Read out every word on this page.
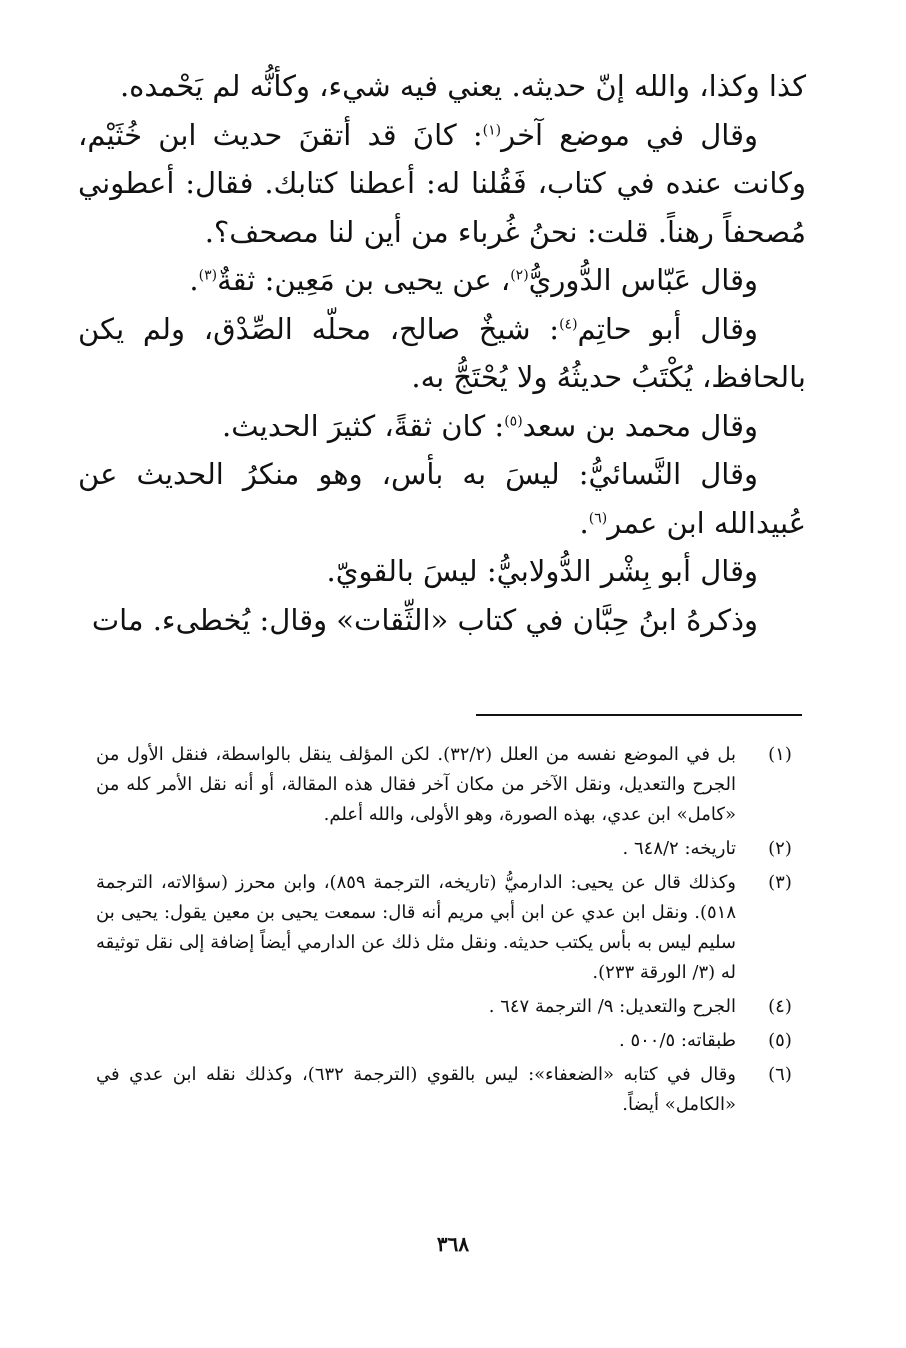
كذا وكذا، والله إنّ حديثه. يعني فيه شيء، وكأنُّه لم يَحْمده.

وقال في موضع آخر$^{(١)}$: كانَ قد أتقنَ حديث ابن خُثَيْم، وكانت عنده في كتاب، فَقُلنا له: أعطنا كتابك. فقال: أعطوني مُصحفاً رهناً. قلت: نحنُ غُرباء من أين لنا مصحف؟.

وقال عَبّاس الدُّوريُّ$^{(٢)}$، عن يحيى بن مَعِين: ثقةٌ$^{(٣)}$.

وقال أبو حاتِم$^{(٤)}$: شيخٌ صالح، محلّه الصِّدْق، ولم يكن بالحافظ، يُكْتَبُ حديثُهُ ولا يُحْتَجُّ به.

وقال محمد بن سعد$^{(٥)}$: كان ثقةً، كثيرَ الحديث.

وقال النَّسائيُّ: ليسَ به بأس، وهو منكرُ الحديث عن عُبيدالله ابن عمر$^{(٦)}$.

وقال أبو بِشْر الدُّولابيُّ: ليسَ بالقويّ.

وذكرهُ ابنُ حِبَّان في كتاب «الثِّقات» وقال: يُخطىء. مات

(١)
بل في الموضع نفسه من العلل (٣٢/٢). لكن المؤلف ينقل بالواسطة، فنقل الأول من الجرح والتعديل، ونقل الآخر من مكان آخر فقال هذه المقالة، أو أنه نقل الأمر كله من «كامل» ابن عدي، بهذه الصورة، وهو الأولى، والله أعلم.
(٢)
تاريخه: ٦٤٨/٢ .
(٣)
وكذلك قال عن يحيى: الدارميُّ (تاريخه، الترجمة ٨٥٩)، وابن محرز (سؤالاته، الترجمة ٥١٨). ونقل ابن عدي عن ابن أبي مريم أنه قال: سمعت يحيى بن معين يقول: يحيى بن سليم ليس به بأس يكتب حديثه. ونقل مثل ذلك عن الدارمي أيضاً إضافة إلى نقل توثيقه له (٣/ الورقة ٢٣٣).
(٤)
الجرح والتعديل: ٩/ الترجمة ٦٤٧ .
(٥)
طبقاته: ٥٠٠/٥ .
(٦)
وقال في كتابه «الضعفاء»: ليس بالقوي (الترجمة ٦٣٢)، وكذلك نقله ابن عدي في «الكامل» أيضاً.
٣٦٨
